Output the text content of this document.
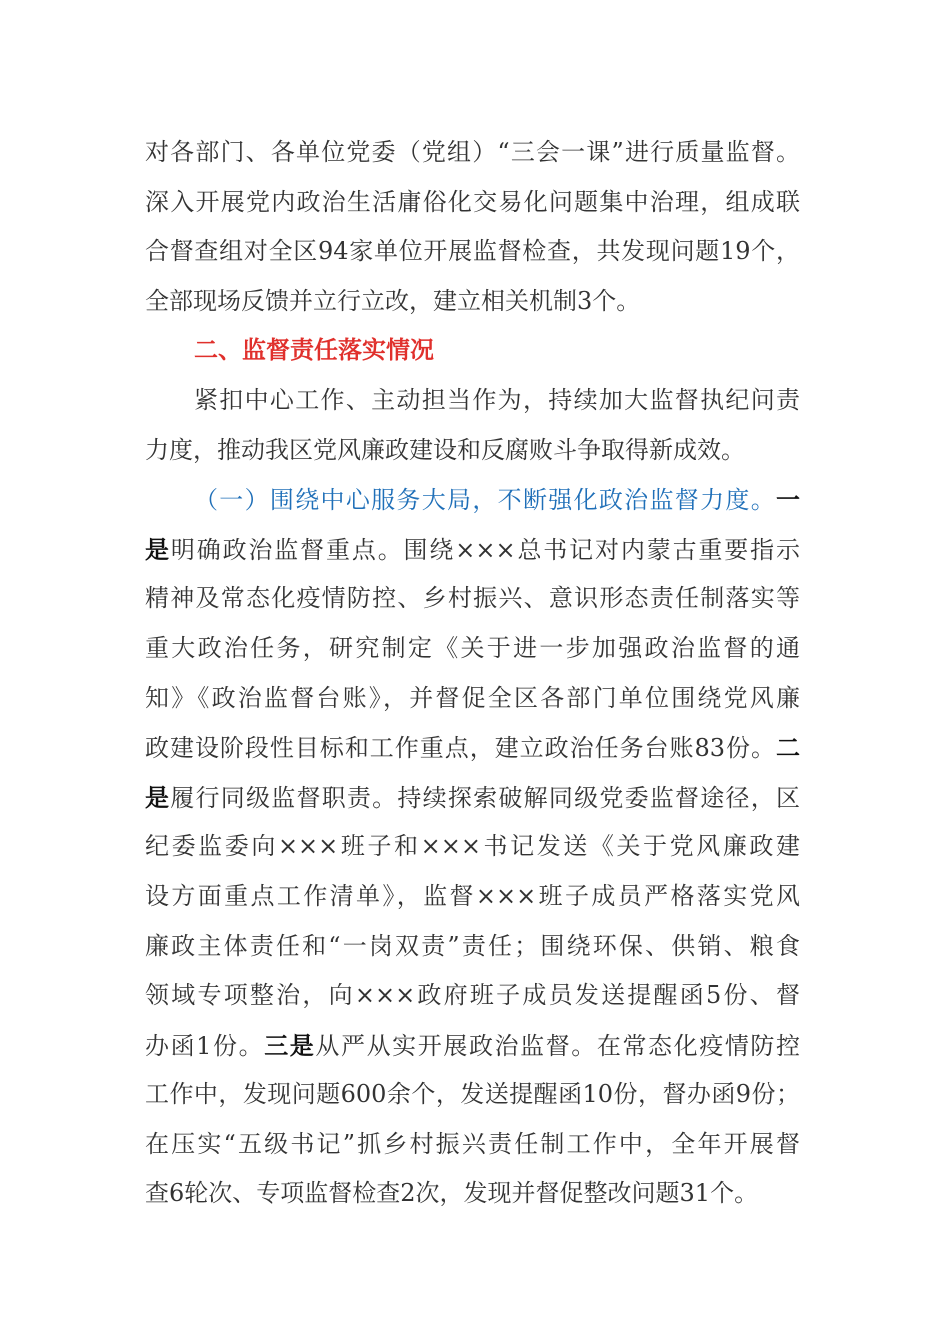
对各部门、各单位党委（党组）“三会一课”进行质量监督。
深入开展党内政治生活庸俗化交易化问题集中治理，组成联
合督查组对全区94家单位开展监督检查，共发现问题19个，
全部现场反馈并立行立改，建立相关机制3个。
二、监督责任落实情况
紧扣中心工作、主动担当作为，持续加大监督执纪问责
力度，推动我区党风廉政建设和反腐败斗争取得新成效。
（一）围绕中心服务大局，不断强化政治监督力度。一
是明确政治监督重点。围绕×××总书记对内蒙古重要指示
精神及常态化疫情防控、乡村振兴、意识形态责任制落实等
重大政治任务，研究制定《关于进一步加强政治监督的通
知》《政治监督台账》，并督促全区各部门单位围绕党风廉
政建设阶段性目标和工作重点，建立政治任务台账83份。二
是履行同级监督职责。持续探索破解同级党委监督途径，区
纪委监委向×××班子和×××书记发送《关于党风廉政建
设方面重点工作清单》，监督×××班子成员严格落实党风
廉政主体责任和“一岗双责”责任；围绕环保、供销、粮食
领域专项整治，向×××政府班子成员发送提醒函5份、督
办函1份。三是从严从实开展政治监督。在常态化疫情防控
工作中，发现问题600余个，发送提醒函10份，督办函9份；
在压实“五级书记”抓乡村振兴责任制工作中，全年开展督
查6轮次、专项监督检查2次，发现并督促整改问题31个。
